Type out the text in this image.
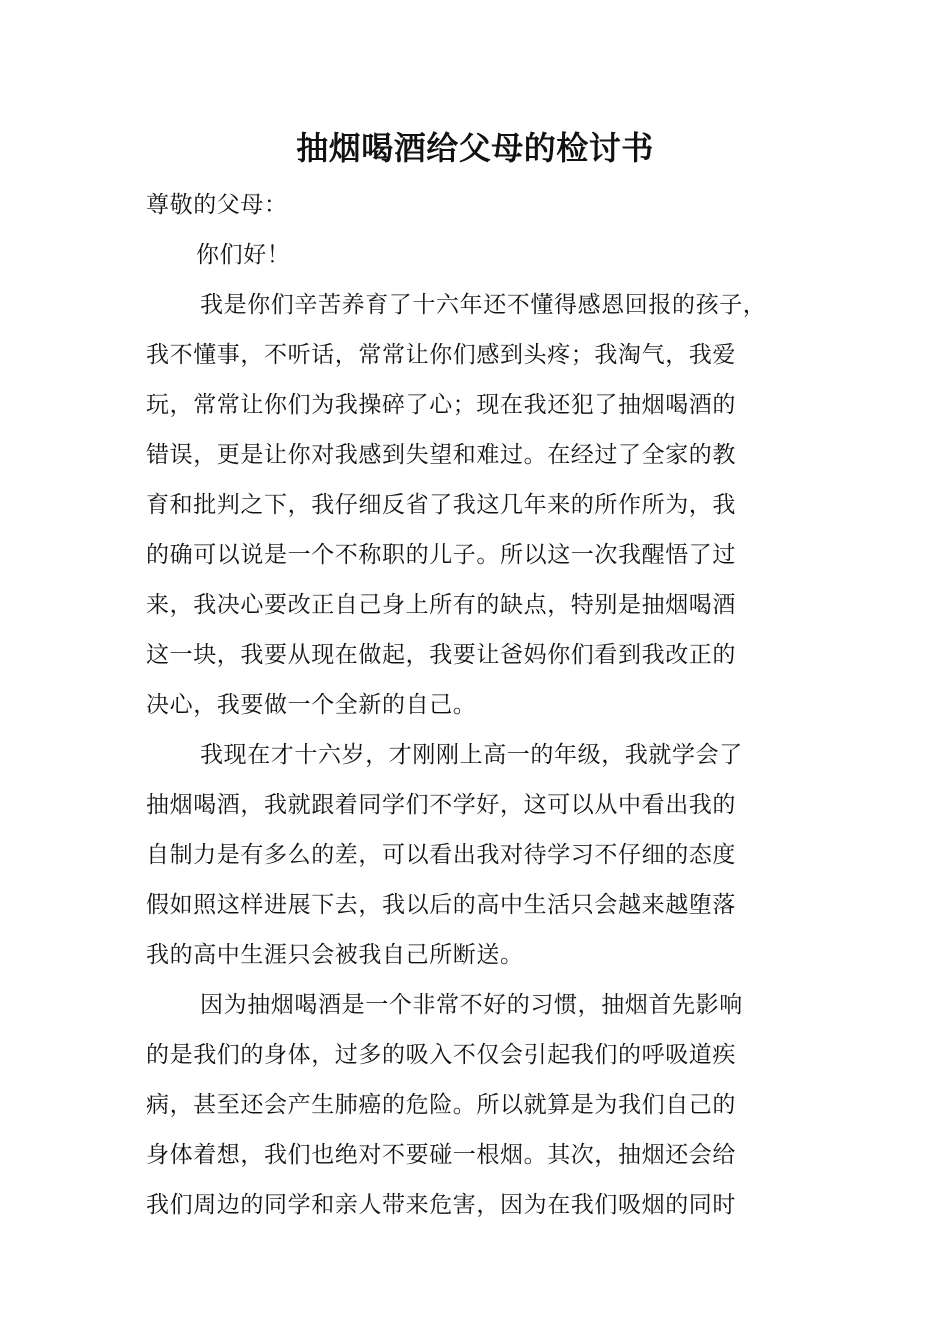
抽烟喝酒给父母的检讨书
尊敬的父母：
你们好！
我是你们辛苦养育了十六年还不懂得感恩回报的孩子，
我不懂事，不听话，常常让你们感到头疼；我淘气，我爱
玩，常常让你们为我操碎了心；现在我还犯了抽烟喝酒的
错误，更是让你对我感到失望和难过。在经过了全家的教
育和批判之下，我仔细反省了我这几年来的所作所为，我
的确可以说是一个不称职的儿子。所以这一次我醒悟了过
来，我决心要改正自己身上所有的缺点，特别是抽烟喝酒
这一块，我要从现在做起，我要让爸妈你们看到我改正的
决心，我要做一个全新的自己。
我现在才十六岁，才刚刚上高一的年级，我就学会了
抽烟喝酒，我就跟着同学们不学好，这可以从中看出我的
自制力是有多么的差，可以看出我对待学习不仔细的态度
假如照这样进展下去，我以后的高中生活只会越来越堕落
我的高中生涯只会被我自己所断送。
因为抽烟喝酒是一个非常不好的习惯，抽烟首先影响
的是我们的身体，过多的吸入不仅会引起我们的呼吸道疾
病，甚至还会产生肺癌的危险。所以就算是为我们自己的
身体着想，我们也绝对不要碰一根烟。其次，抽烟还会给
我们周边的同学和亲人带来危害，因为在我们吸烟的同时
